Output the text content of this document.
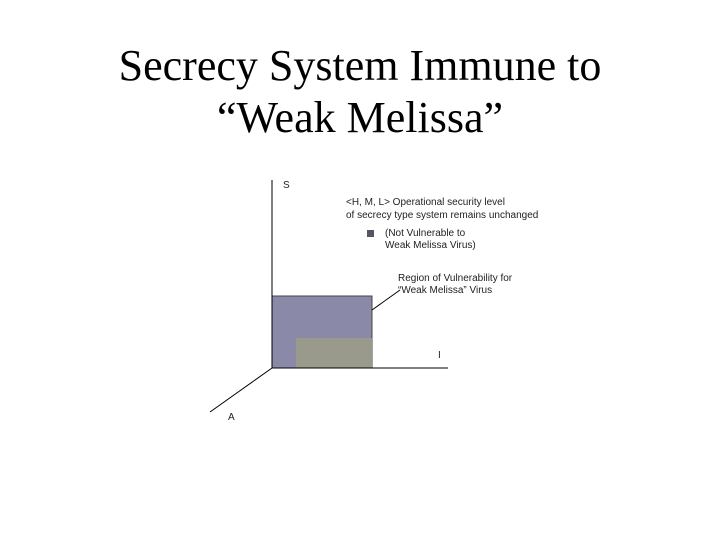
Secrecy System Immune to
“Weak Melissa”
S
I
A
<H, M, L> Operational security level
of secrecy type system remains unchanged
(Not Vulnerable to
Weak Melissa Virus)
Region of Vulnerability for
“Weak Melissa” Virus
